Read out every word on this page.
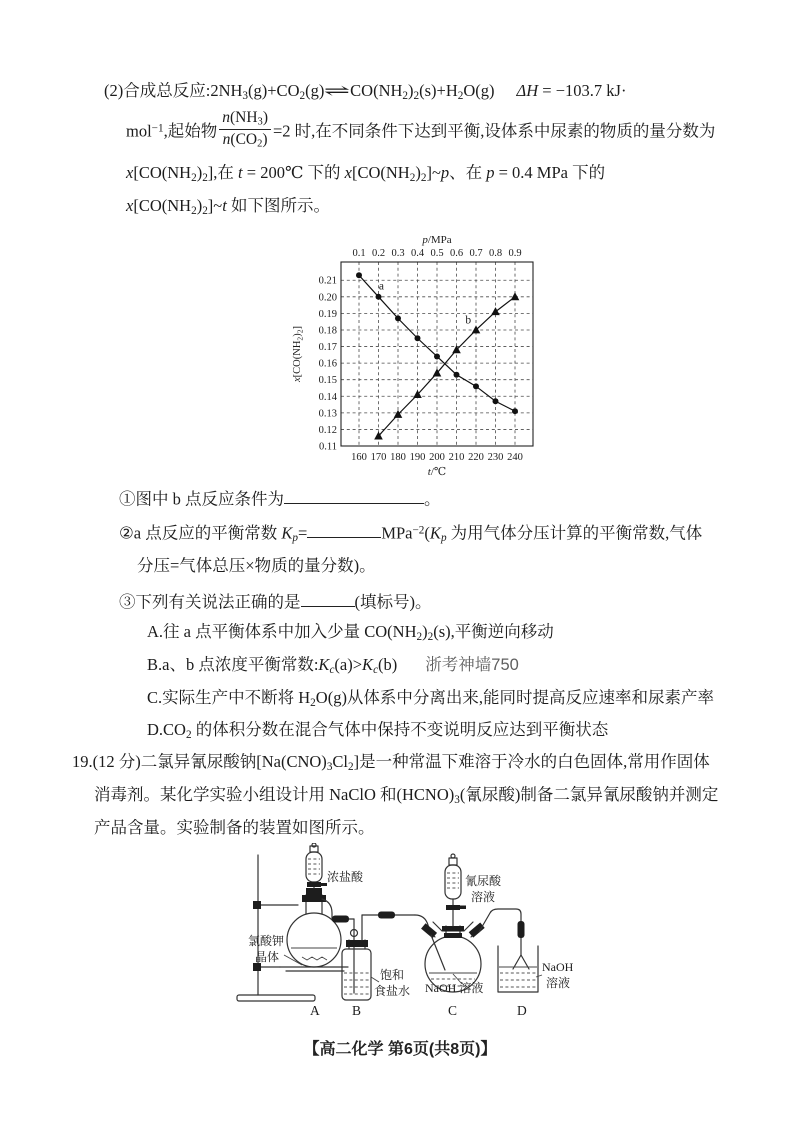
(2)合成总反应:2NH3(g)+CO2(g)⇌CO(NH2)2(s)+H2O(g) ΔH = −103.7 kJ·
mol$^{-1}$,起始物 $\frac{n(NH3)}{n(CO2)} =2$ 时,在不同条件下达到平衡,设体系中尿素的物质的量分数为
x[CO(NH2)2],在 t = 200℃ 下的 x[CO(NH2)2]~p、在 p = 0.4 MPa 下的
x[CO(NH2)2]~t 如下图所示。
0.21
0.20
0.19
0.18
0.17
0.16
0.15
0.14
0.13
0.12
0.11
0.1 0.2 0.3 0.4 0.5 0.6 0.7 0.8 0.9
160 170 180 190 200 210 220 230 240
p/MPa
t/℃
x[CO(NH2)2]
a
b
①图中 b 点反应条件为	。
②a 点反应的平衡常数 Kp=	MPa$^{-2}$(Kp 为用气体分压计算的平衡常数,气体
分压=气体总压×物质的量分数)。
③下列有关说法正确的是	(填标号)。
A.往 a 点平衡体系中加入少量 CO(NH2)2(s),平衡逆向移动
B.a、b 点浓度平衡常数:Kc(a)>Kc(b) 浙考神墙750
C.实际生产中不断将 H2O(g)从体系中分离出来,能同时提高反应速率和尿素产率
D.CO2 的体积分数在混合气体中保持不变说明反应达到平衡状态
19.(12 分)二氯异氰尿酸钠[Na(CNO)3Cl2]是一种常温下难溶于冷水的白色固体,常用作固体
消毒剂。某化学实验小组设计用 NaClO 和(HCNO)3(氰尿酸)制备二氯异氰尿酸钠并测定
产品含量。实验制备的装置如图所示。
浓盐酸
氯酸钾
晶体
饱和
食盐水
氰尿酸
溶液
NaOH 溶液
NaOH
溶液
A B	C	D
【高二化学 第6页(共8页)】
